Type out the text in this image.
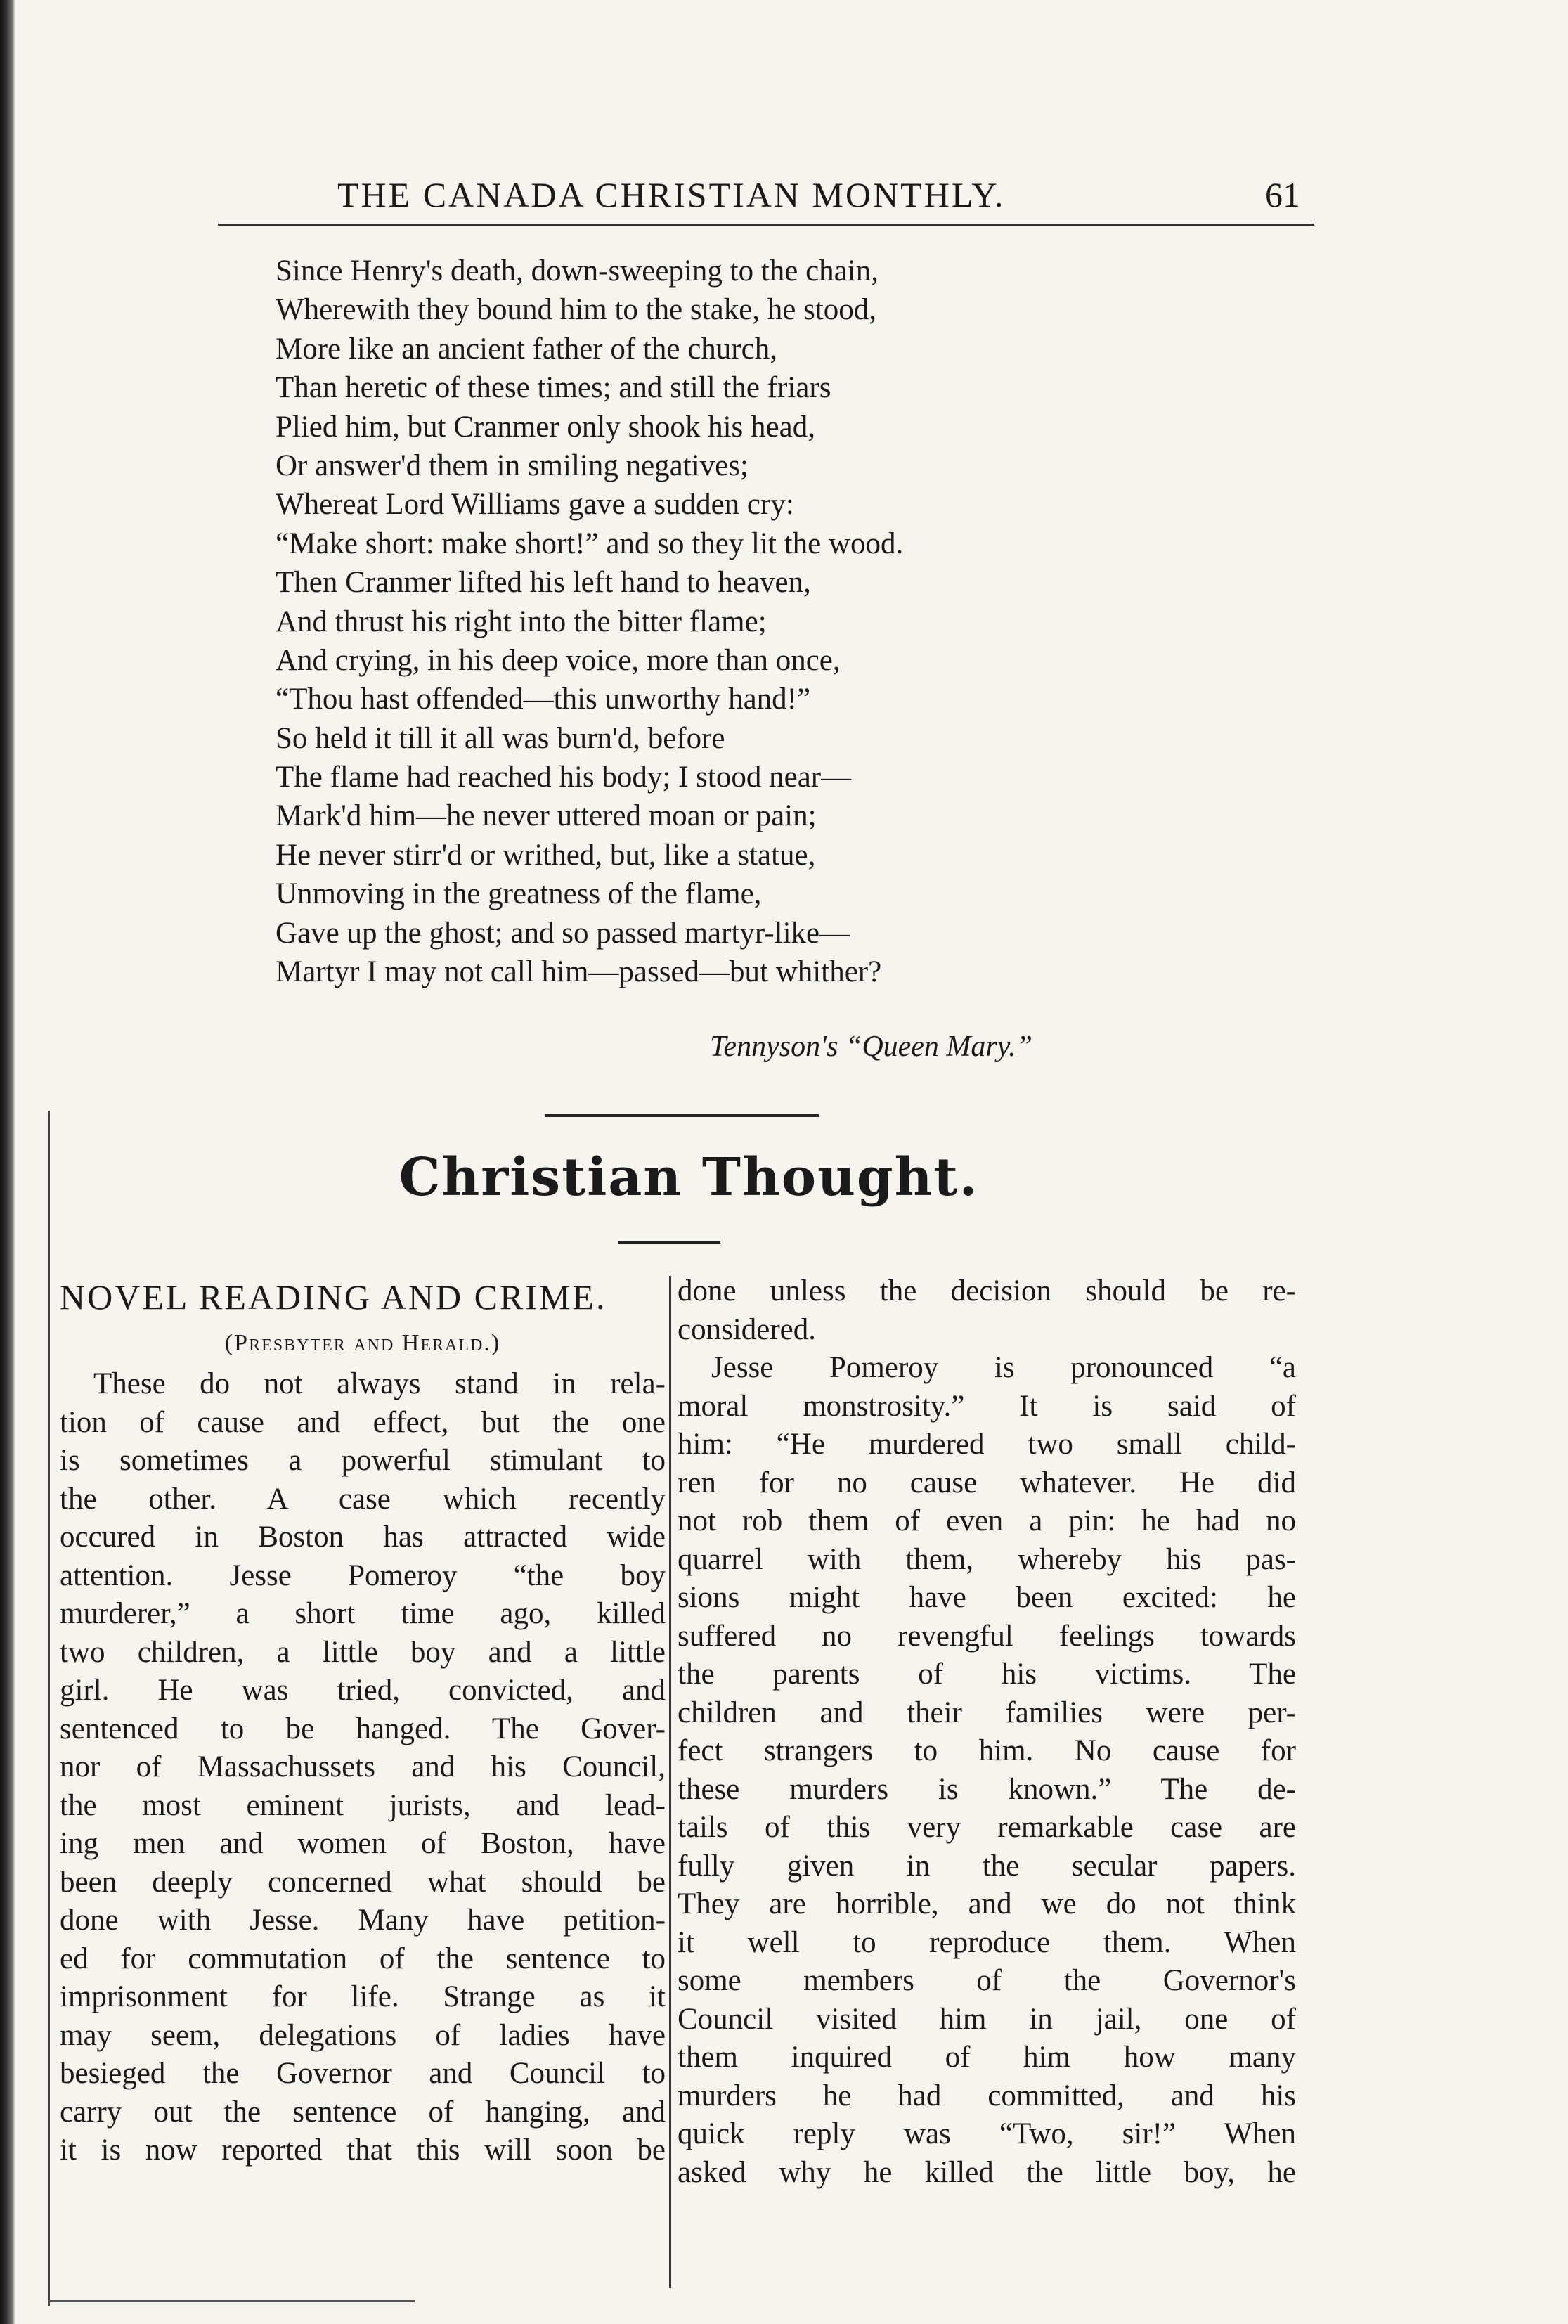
THE CANADA CHRISTIAN MONTHLY.	61
Since Henry's death, down-sweeping to the chain,
Wherewith they bound him to the stake, he stood,
More like an ancient father of the church,
Than heretic of these times; and still the friars
Plied him, but Cranmer only shook his head,
Or answer'd them in smiling negatives;
Whereat Lord Williams gave a sudden cry:
“Make short: make short!” and so they lit the wood.
Then Cranmer lifted his left hand to heaven,
And thrust his right into the bitter flame;
And crying, in his deep voice, more than once,
“Thou hast offended—this unworthy hand!”
So held it till it all was burn'd, before
The flame had reached his body; I stood near—
Mark'd him—he never uttered moan or pain;
He never stirr'd or writhed, but, like a statue,
Unmoving in the greatness of the flame,
Gave up the ghost; and so passed martyr-like—
Martyr I may not call him—passed—but whither?
Tennyson's “Queen Mary.”
Christian Thought.
NOVEL READING AND CRIME.
(Presbyter and Herald.)
These do not always stand in rela-
tion of cause and effect, but the one
is sometimes a powerful stimulant to
the other. A case which recently
occured in Boston has attracted wide
attention. Jesse Pomeroy “the boy
murderer,” a short time ago, killed
two children, a little boy and a little
girl. He was tried, convicted, and
sentenced to be hanged. The Gover-
nor of Massachussets and his Council,
the most eminent jurists, and lead-
ing men and women of Boston, have
been deeply concerned what should be
done with Jesse. Many have petition-
ed for commutation of the sentence to
imprisonment for life. Strange as it
may seem, delegations of ladies have
besieged the Governor and Council to
carry out the sentence of hanging, and
it is now reported that this will soon be
done unless the decision should be re-
considered.
Jesse Pomeroy is pronounced “a
moral monstrosity.” It is said of
him: “He murdered two small child-
ren for no cause whatever. He did
not rob them of even a pin: he had no
quarrel with them, whereby his pas-
sions might have been excited: he
suffered no revengful feelings towards
the parents of his victims. The
children and their families were per-
fect strangers to him. No cause for
these murders is known.” The de-
tails of this very remarkable case are
fully given in the secular papers.
They are horrible, and we do not think
it well to reproduce them. When
some members of the Governor's
Council visited him in jail, one of
them inquired of him how many
murders he had committed, and his
quick reply was “Two, sir!” When
asked why he killed the little boy, he
